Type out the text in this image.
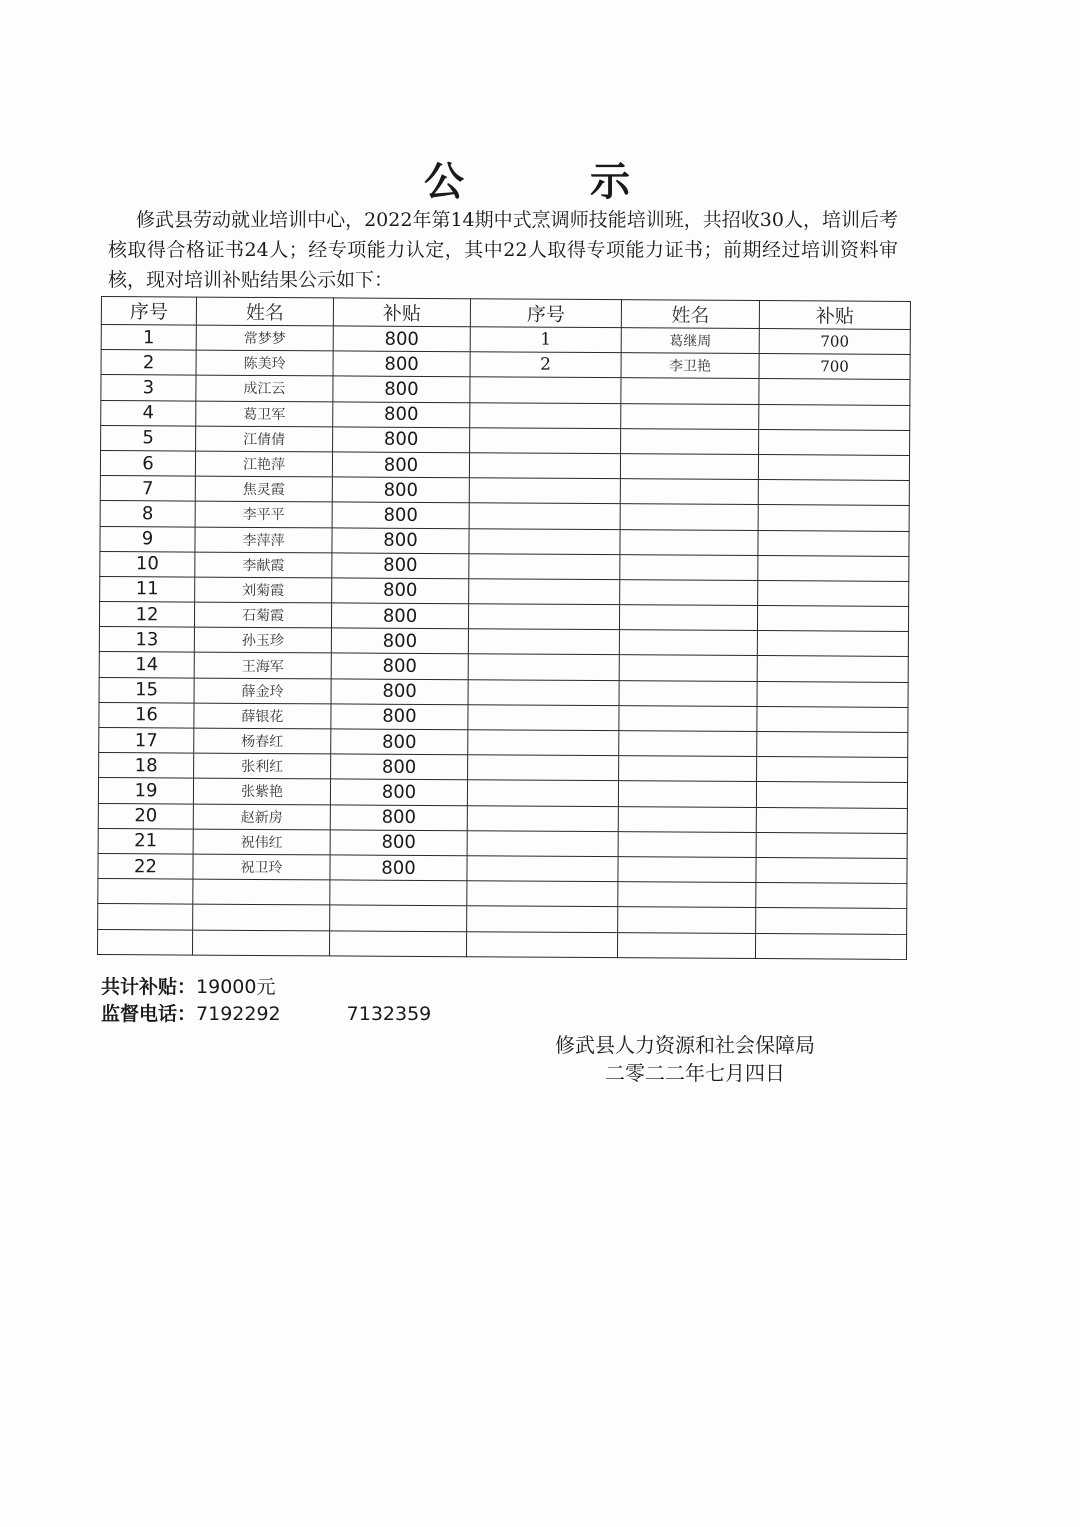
公 示
修武县劳动就业培训中心，2022年第14期中式烹调师技能培训班，共招收30人，培训后考核取得合格证书24人；经专项能力认定，其中22人取得专项能力证书；前期经过培训资料审核，现对培训补贴结果公示如下：
序号	姓名	补贴	序号	姓名	补贴
1	常梦梦	800	1	葛继周	700
2	陈美玲	800	2	李卫艳	700
3	成江云	800			
4	葛卫军	800			
5	江倩倩	800			
6	江艳萍	800			
7	焦灵霞	800			
8	李平平	800			
9	李萍萍	800			
10	李献霞	800			
11	刘菊霞	800			
12	石菊霞	800			
13	孙玉珍	800			
14	王海军	800			
15	薛金玲	800			
16	薛银花	800			
17	杨春红	800			
18	张利红	800			
19	张紫艳	800			
20	赵新房	800			
21	祝伟红	800			
22	祝卫玲	800			

共计补贴：19000元
监督电话：7192292	7132359
修武县人力资源和社会保障局
二零二二年七月四日
